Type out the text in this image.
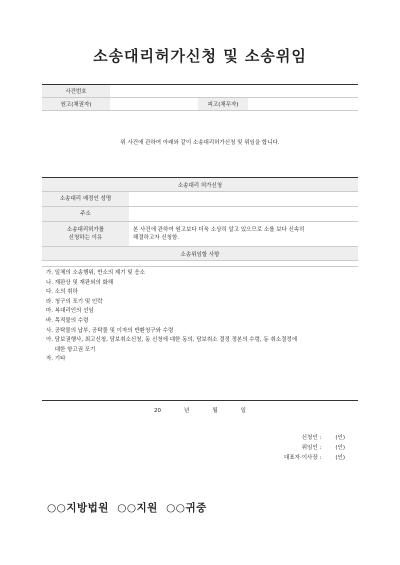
소송대리허가신청 및 소송위임
사건번호			
원고(채권자)		피고(채무자)	
위 사건에 관하여 아래와 같이 소송대리허가신청 및 위임을 합니다.
소송대리 허가신청	
소송대리 예정인 성명	
주소	
소송대리허가를
신청하는 이유	본 사건에 관하여 원고보다 더욱 소상히 알고 있으므로 소를 보다 신속히
해결하고자 신청함.
소송위임할 사항	
가. 일체의 소송행위, 반소의 제기 및 응소
나. 재판상 및 재판외의 화해
다. 소의 취하
라. 청구의 포기 및 인락
마. 복대리인의 선임
바. 목적물의 수령
사. 공탁물의 납부, 공탁물 및 이자의 반환청구와 수령
아. 담보권행사, 최고신청, 담보취소신청, 동 신청에 대한 동의, 담보취소 결정 정본의 수령, 동 취소결정에
대한 항고권 포기
자. 기타
20    년    월    일
신청인 :	(인)
위임인 :	(인)
대표자·이사장 :	(인)
○○지방법원  ○○지원  ○○귀중
